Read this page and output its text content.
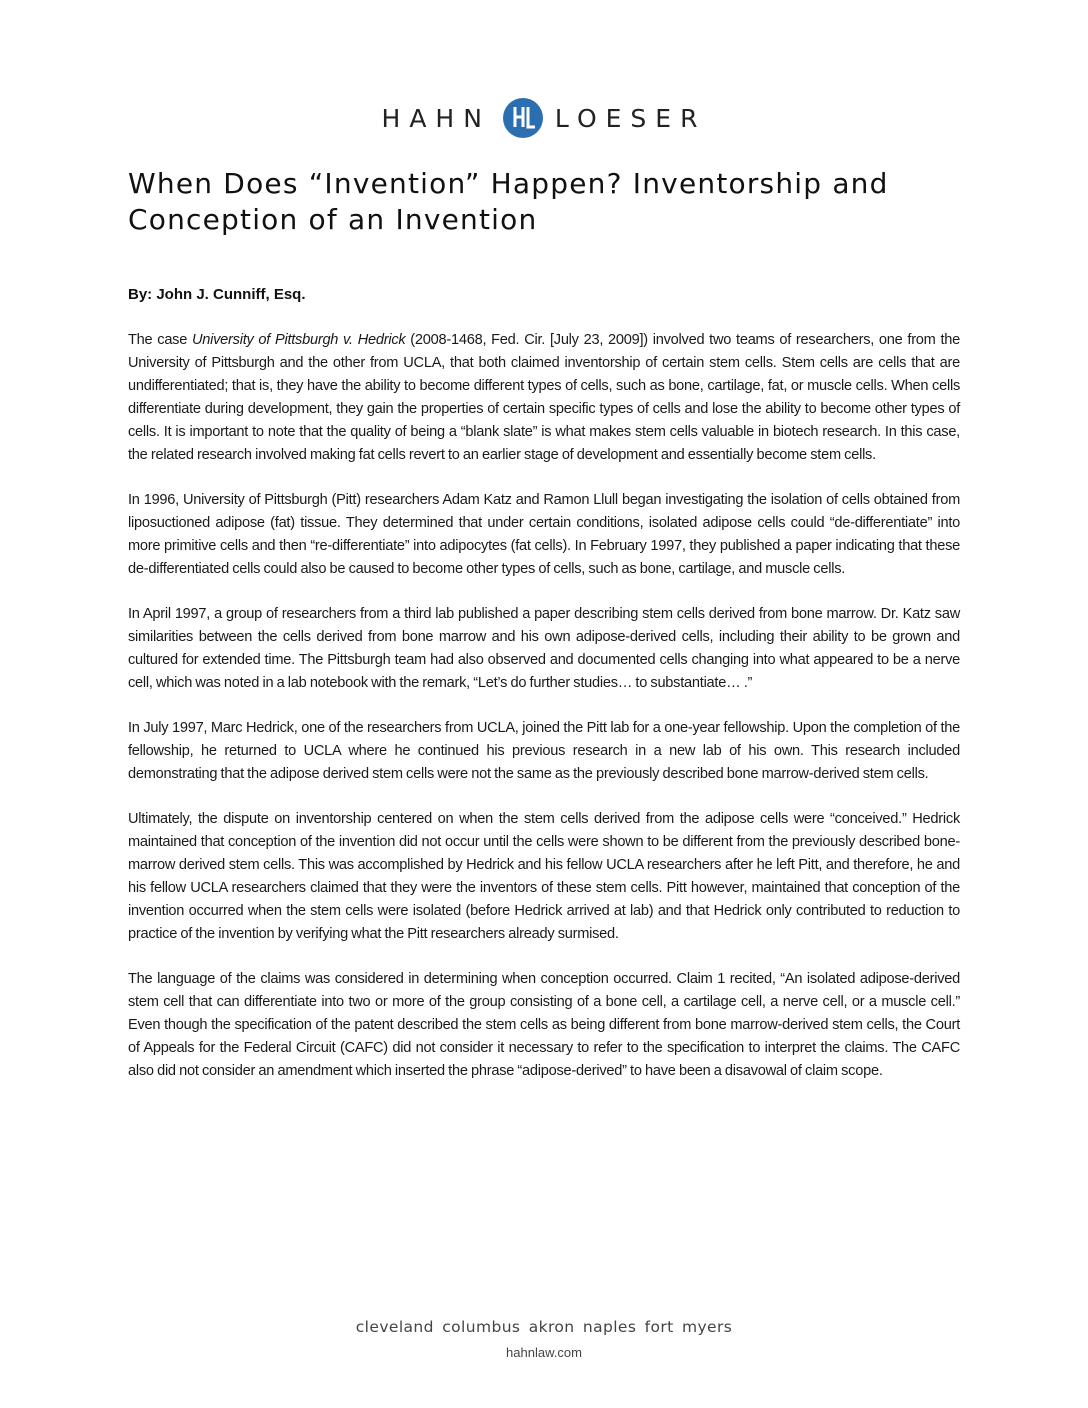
HAHN	LOESER
When Does “Invention” Happen? Inventorship and Conception of an Invention

By: John J. Cunniff, Esq.

The case University of Pittsburgh v. Hedrick (2008-1468, Fed. Cir. [July 23, 2009]) involved two teams of researchers, one from the University of Pittsburgh and the other from UCLA, that both claimed inventorship of certain stem cells. Stem cells are cells that are undifferentiated; that is, they have the ability to become different types of cells, such as bone, cartilage, fat, or muscle cells. When cells differentiate during development, they gain the properties of certain specific types of cells and lose the ability to become other types of cells. It is important to note that the quality of being a “blank slate” is what makes stem cells valuable in biotech research. In this case, the related research involved making fat cells revert to an earlier stage of development and essentially become stem cells.

In 1996, University of Pittsburgh (Pitt) researchers Adam Katz and Ramon Llull began investigating the isolation of cells obtained from liposuctioned adipose (fat) tissue. They determined that under certain conditions, isolated adipose cells could “de-differentiate” into more primitive cells and then “re-differentiate” into adipocytes (fat cells). In February 1997, they published a paper indicating that these de-differentiated cells could also be caused to become other types of cells, such as bone, cartilage, and muscle cells.

In April 1997, a group of researchers from a third lab published a paper describing stem cells derived from bone marrow. Dr. Katz saw similarities between the cells derived from bone marrow and his own adipose-derived cells, including their ability to be grown and cultured for extended time. The Pittsburgh team had also observed and documented cells changing into what appeared to be a nerve cell, which was noted in a lab notebook with the remark, “Let’s do further studies… to substantiate… .”

In July 1997, Marc Hedrick, one of the researchers from UCLA, joined the Pitt lab for a one-year fellowship. Upon the completion of the fellowship, he returned to UCLA where he continued his previous research in a new lab of his own. This research included demonstrating that the adipose derived stem cells were not the same as the previously described bone marrow-derived stem cells.

Ultimately, the dispute on inventorship centered on when the stem cells derived from the adipose cells were “conceived.” Hedrick maintained that conception of the invention did not occur until the cells were shown to be different from the previously described bone-marrow derived stem cells. This was accomplished by Hedrick and his fellow UCLA researchers after he left Pitt, and therefore, he and his fellow UCLA researchers claimed that they were the inventors of these stem cells. Pitt however, maintained that conception of the invention occurred when the stem cells were isolated (before Hedrick arrived at lab) and that Hedrick only contributed to reduction to practice of the invention by verifying what the Pitt researchers already surmised.

The language of the claims was considered in determining when conception occurred. Claim 1 recited, “An isolated adipose-derived stem cell that can differentiate into two or more of the group consisting of a bone cell, a cartilage cell, a nerve cell, or a muscle cell.” Even though the specification of the patent described the stem cells as being different from bone marrow-derived stem cells, the Court of Appeals for the Federal Circuit (CAFC) did not consider it necessary to refer to the specification to interpret the claims. The CAFC also did not consider an amendment which inserted the phrase “adipose-derived” to have been a disavowal of claim scope.

cleveland columbus akron naples fort myers
hahnlaw.com
